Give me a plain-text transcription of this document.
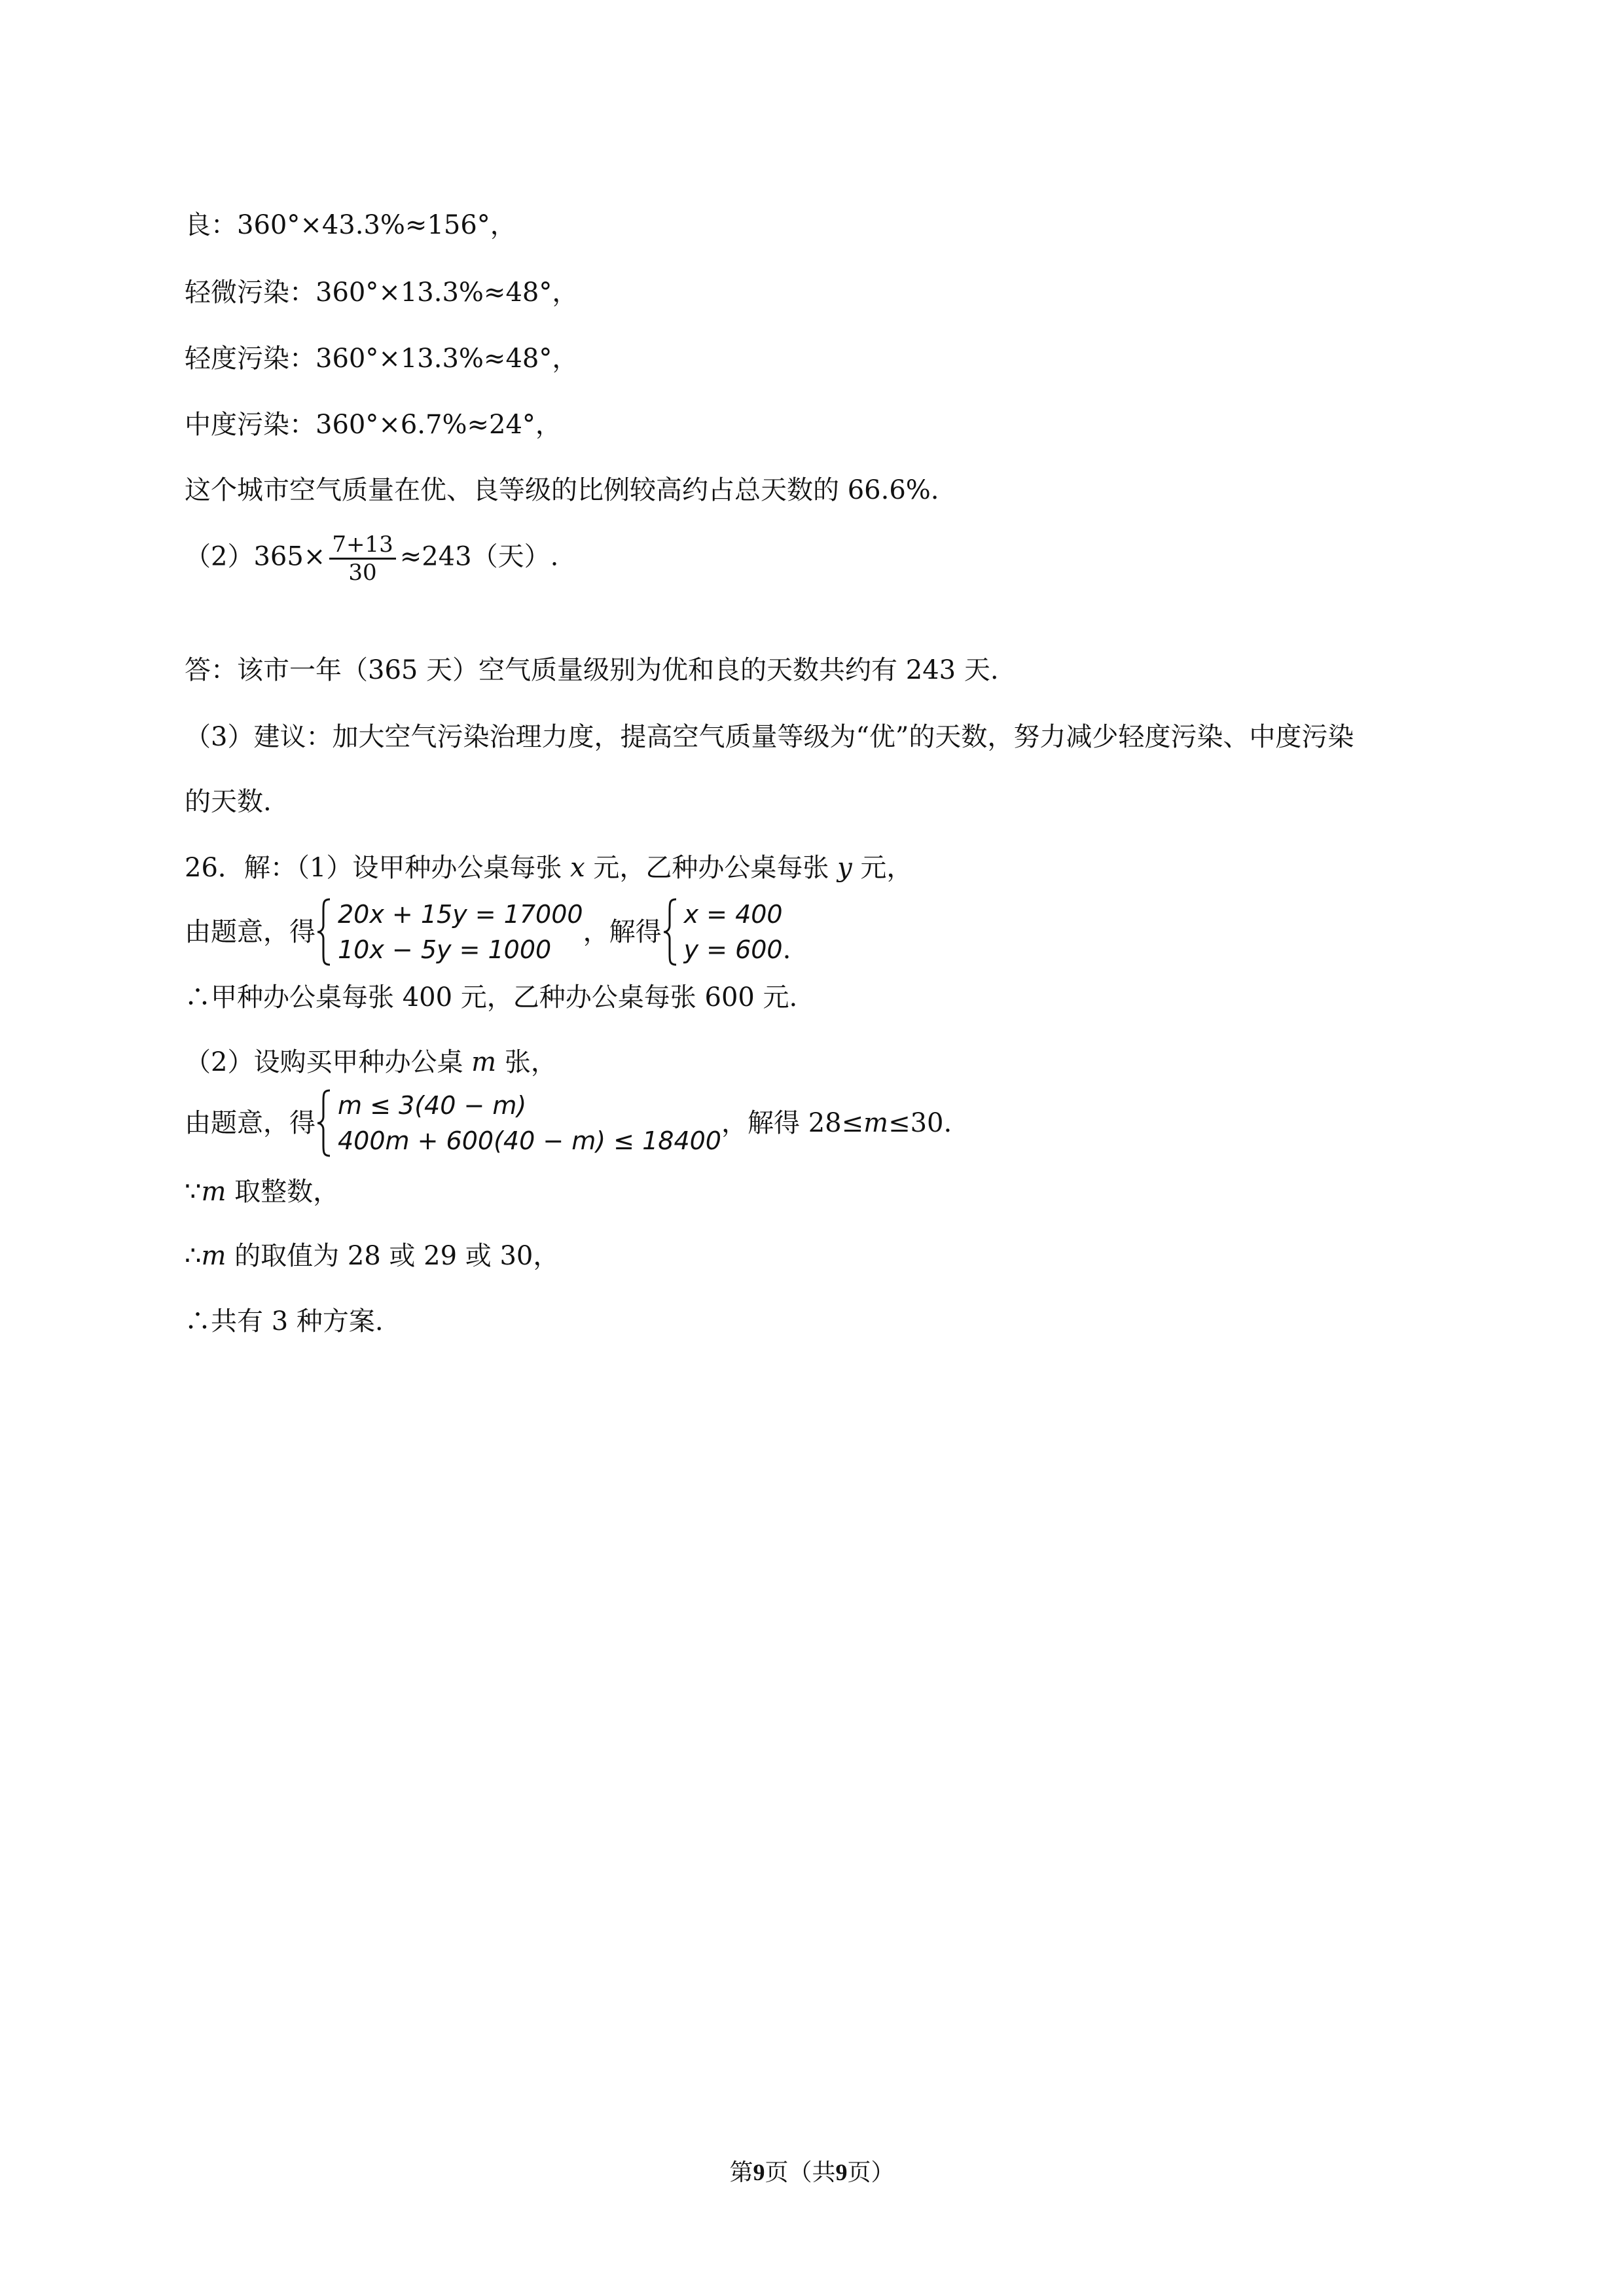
良：360°×43.3%≈156°，
轻微污染：360°×13.3%≈48°，
轻度污染：360°×13.3%≈48°，
中度污染：360°×6.7%≈24°，
这个城市空气质量在优、良等级的比例较高约占总天数的 66.6%.
$(2)365\times \frac{7+13}{30} \approx 243$（天）.
答：该市一年（365 天）空气质量级别为优和良的天数共约有 243 天.
（3）建议：加大空气污染治理力度，提高空气质量等级为“优”的天数，努力减少轻度污染、中度污染
的天数.
26．解：（1）设甲种办公桌每张 x 元，乙种办公桌每张 y 元，
由题意，得
20x + 15y = 17000
10x − 5y = 1000
，解得
x = 400
y = 600 .
∴甲种办公桌每张 400 元，乙种办公桌每张 600 元.
（2）设购买甲种办公桌 m 张，
由题意，得
m ≤ 3(40 − m)
400m + 600(40 − m) ≤ 18400
，解得 28≤m≤30.
∵m 取整数，
∴m 的取值为 28 或 29 或 30，
∴共有 3 种方案.
第9页（共9页）
